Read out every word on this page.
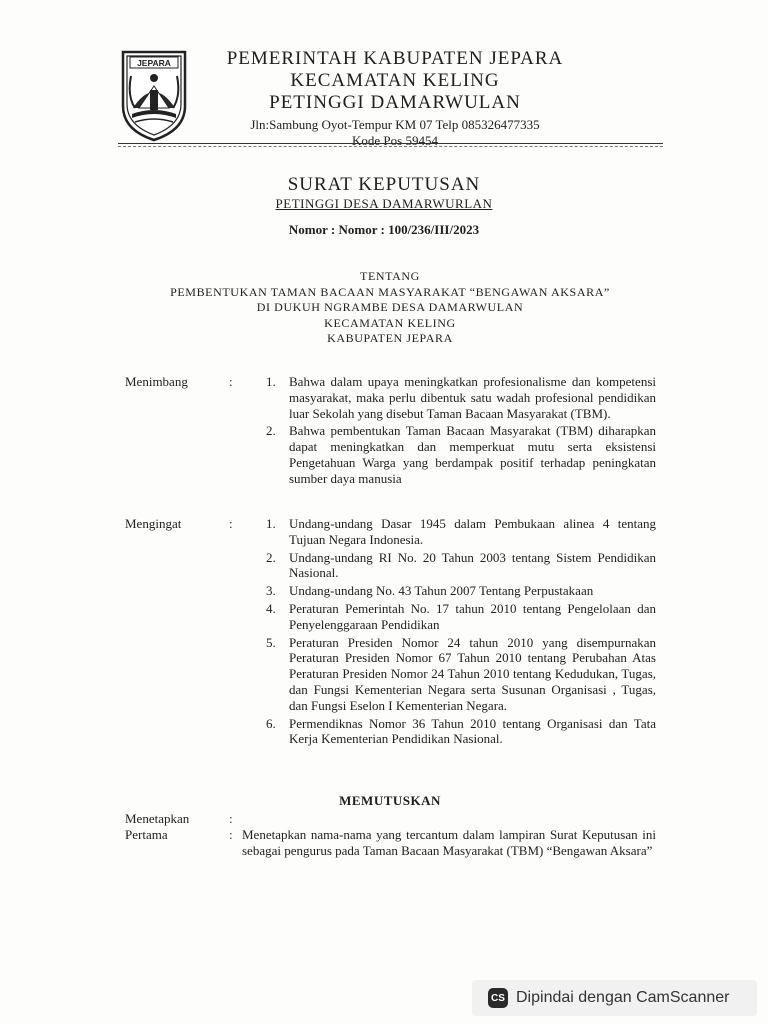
JEPARA	PEMERINTAH KABUPATEN JEPARA
KECAMATAN KELING
PETINGGI DAMARWULAN
Jln:Sambung Oyot-Tempur KM 07 Telp 085326477335
Kode Pos 59454
SURAT KEPUTUSAN
PETINGGI DESA DAMARWURLAN
Nomor : Nomor : 100/236/III/2023
TENTANG
PEMBENTUKAN TAMAN BACAAN MASYARAKAT “BENGAWAN AKSARA”
DI DUKUH NGRAMBE DESA DAMARWULAN
KECAMATAN KELING
KABUPATEN JEPARA
Menimbang	:	1. Bahwa dalam upaya meningkatkan profesionalisme dan kompetensi masyarakat, maka perlu dibentuk satu wadah profesional pendidikan luar Sekolah yang disebut Taman Bacaan Masyarakat (TBM).
2. Bahwa pembentukan Taman Bacaan Masyarakat (TBM) diharapkan dapat meningkatkan dan memperkuat mutu serta eksistensi Pengetahuan Warga yang berdampak positif terhadap peningkatan sumber daya manusia
Mengingat	:	1. Undang-undang Dasar 1945 dalam Pembukaan alinea 4 tentang Tujuan Negara Indonesia.
2. Undang-undang RI No. 20 Tahun 2003 tentang Sistem Pendidikan Nasional.
3. Undang-undang No. 43 Tahun 2007 Tentang Perpustakaan
4. Peraturan Pemerintah No. 17 tahun 2010 tentang Pengelolaan dan Penyelenggaraan Pendidikan
5. Peraturan Presiden Nomor 24 tahun 2010 yang disempurnakan Peraturan Presiden Nomor 67 Tahun 2010 tentang Perubahan Atas Peraturan Presiden Nomor 24 Tahun 2010 tentang Kedudukan, Tugas, dan Fungsi Kementerian Negara serta Susunan Organisasi , Tugas, dan Fungsi Eselon I Kementerian Negara.
6. Permendiknas Nomor 36 Tahun 2010 tentang Organisasi dan Tata Kerja Kementerian Pendidikan Nasional.
MEMUTUSKAN
Menetapkan	:
Pertama	: Menetapkan nama-nama yang tercantum dalam lampiran Surat Keputusan ini sebagai pengurus pada Taman Bacaan Masyarakat (TBM) “Bengawan Aksara”
CS Dipindai dengan CamScanner
